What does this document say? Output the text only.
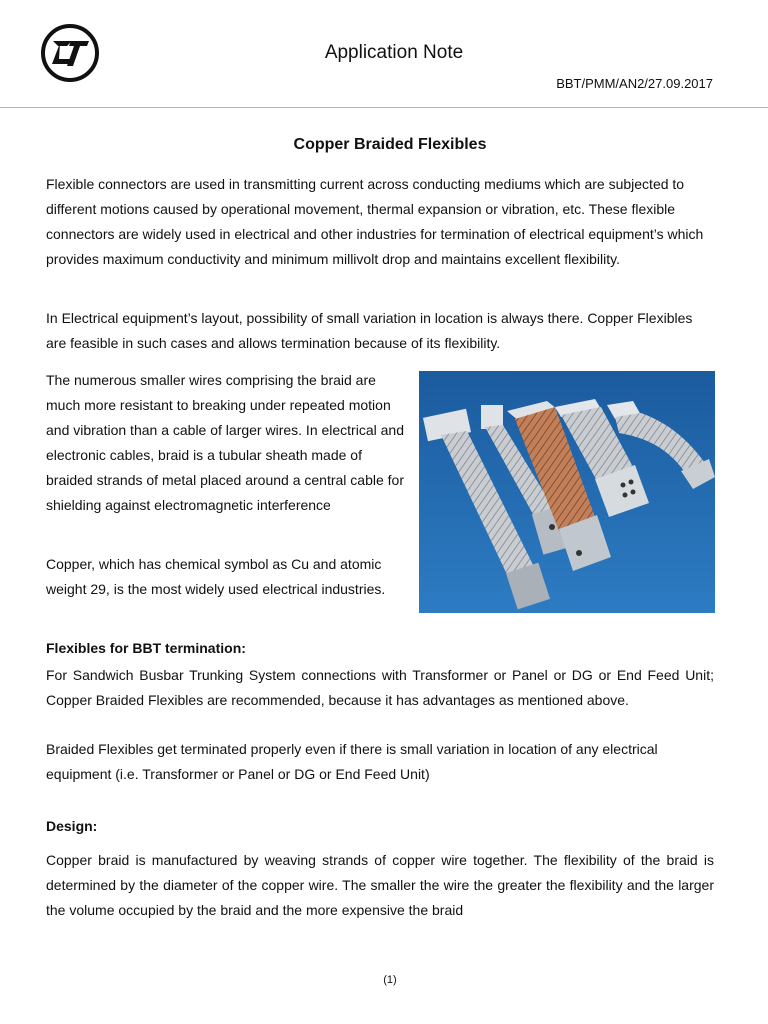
Application Note
BBT/PMM/AN2/27.09.2017
Copper Braided Flexibles

Flexible connectors are used in transmitting current across conducting mediums which are subjected to different motions caused by operational movement, thermal expansion or vibration, etc. These flexible connectors are widely used in electrical and other industries for termination of electrical equipment’s which provides maximum conductivity and minimum millivolt drop and maintains excellent flexibility.

In Electrical equipment’s layout, possibility of small variation in location is always there. Copper Flexibles are feasible in such cases and allows termination because of its flexibility.

The numerous smaller wires comprising the braid are much more resistant to breaking under repeated motion and vibration than a cable of larger wires. In electrical and electronic cables, braid is a tubular sheath made of braided strands of metal placed around a central cable for shielding against electromagnetic interference

Copper, which has chemical symbol as Cu and atomic weight 29, is the most widely used electrical industries.

Flexibles for BBT termination:

For Sandwich Busbar Trunking System connections with Transformer or Panel or DG or End Feed Unit; Copper Braided Flexibles are recommended, because it has advantages as mentioned above.

Braided Flexibles get terminated properly even if there is small variation in location of any electrical equipment (i.e. Transformer or Panel or DG or End Feed Unit)

Design:

Copper braid is manufactured by weaving strands of copper wire together. The flexibility of the braid is determined by the diameter of the copper wire. The smaller the wire the greater the flexibility and the larger the volume occupied by the braid and the more expensive the braid

(1)
